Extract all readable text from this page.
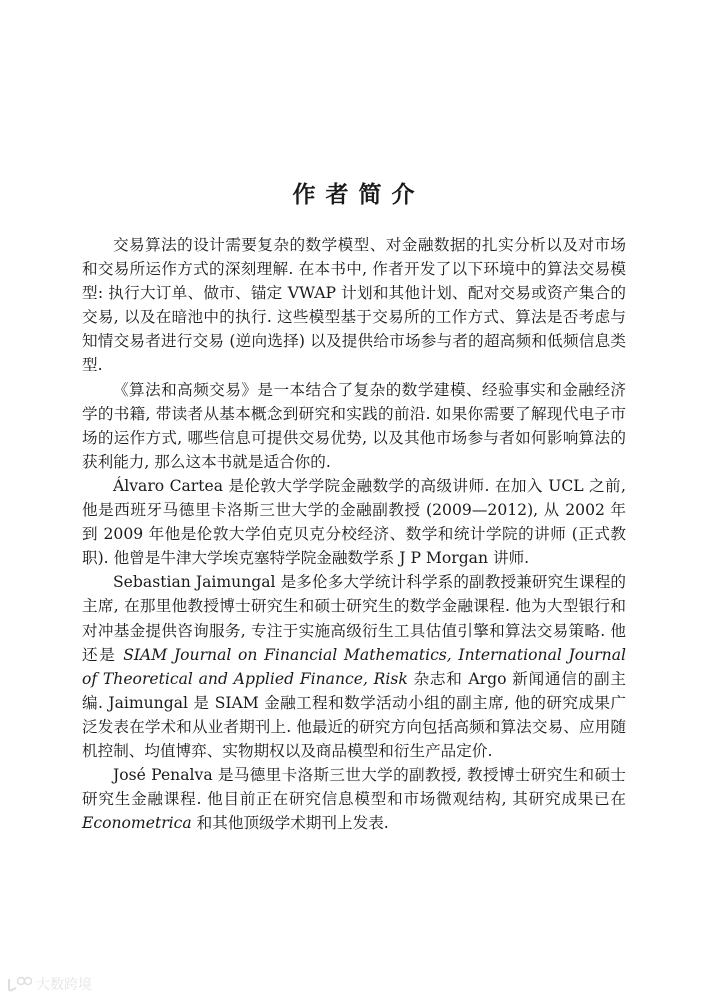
作者简介

交易算法的设计需要复杂的数学模型、对金融数据的扎实分析以及对市场和交易所运作方式的深刻理解. 在本书中, 作者开发了以下环境中的算法交易模型: 执行大订单、做市、锚定 VWAP 计划和其他计划、配对交易或资产集合的交易, 以及在暗池中的执行. 这些模型基于交易所的工作方式、算法是否考虑与知情交易者进行交易 (逆向选择) 以及提供给市场参与者的超高频和低频信息类型.

《算法和高频交易》是一本结合了复杂的数学建模、经验事实和金融经济学的书籍, 带读者从基本概念到研究和实践的前沿. 如果你需要了解现代电子市场的运作方式, 哪些信息可提供交易优势, 以及其他市场参与者如何影响算法的获利能力, 那么这本书就是适合你的.

Álvaro Cartea 是伦敦大学学院金融数学的高级讲师. 在加入 UCL 之前, 他是西班牙马德里卡洛斯三世大学的金融副教授 (2009—2012), 从 2002 年到 2009 年他是伦敦大学伯克贝克分校经济、数学和统计学院的讲师 (正式教职). 他曾是牛津大学埃克塞特学院金融数学系 J P Morgan 讲师.

Sebastian Jaimungal 是多伦多大学统计科学系的副教授兼研究生课程的主席, 在那里他教授博士研究生和硕士研究生的数学金融课程. 他为大型银行和对冲基金提供咨询服务, 专注于实施高级衍生工具估值引擎和算法交易策略. 他还是 SIAM Journal on Financial Mathematics, International Journal of Theoretical and Applied Finance, Risk 杂志和 Argo 新闻通信的副主编. Jaimungal 是 SIAM 金融工程和数学活动小组的副主席, 他的研究成果广泛发表在学术和从业者期刊上. 他最近的研究方向包括高频和算法交易、应用随机控制、均值博弈、实物期权以及商品模型和衍生产品定价.

José Penalva 是马德里卡洛斯三世大学的副教授, 教授博士研究生和硕士研究生金融课程. 他目前正在研究信息模型和市场微观结构, 其研究成果已在 Econometrica 和其他顶级学术期刊上发表.

大数跨境
